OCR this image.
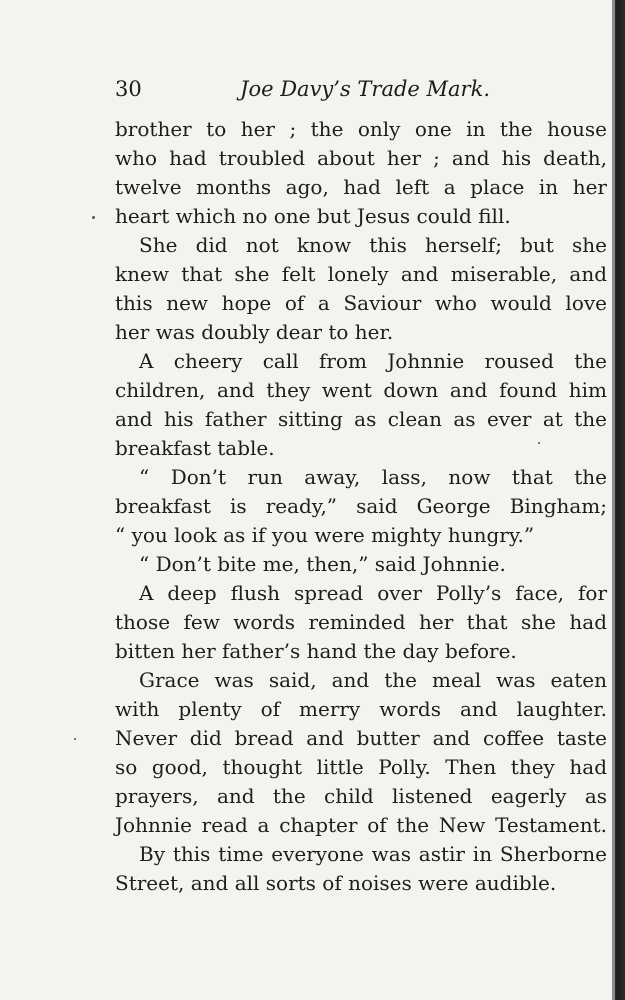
30	Joe Davy’s Trade Mark.
brother to her ; the only one in the house
who had troubled about her ; and his death,
twelve months ago, had left a place in her
heart which no one but Jesus could fill.
She did not know this herself; but she
knew that she felt lonely and miserable, and
this new hope of a Saviour who would love
her was doubly dear to her.
A cheery call from Johnnie roused the
children, and they went down and found him
and his father sitting as clean as ever at the
breakfast table.
“ Don’t run away, lass, now that the
breakfast is ready,” said George Bingham;
“ you look as if you were mighty hungry.”
“ Don’t bite me, then,” said Johnnie.
A deep flush spread over Polly’s face, for
those few words reminded her that she had
bitten her father’s hand the day before.
Grace was said, and the meal was eaten
with plenty of merry words and laughter.
Never did bread and butter and coffee taste
so good, thought little Polly. Then they had
prayers, and the child listened eagerly as
Johnnie read a chapter of the New Testament.
By this time everyone was astir in Sherborne
Street, and all sorts of noises were audible.
